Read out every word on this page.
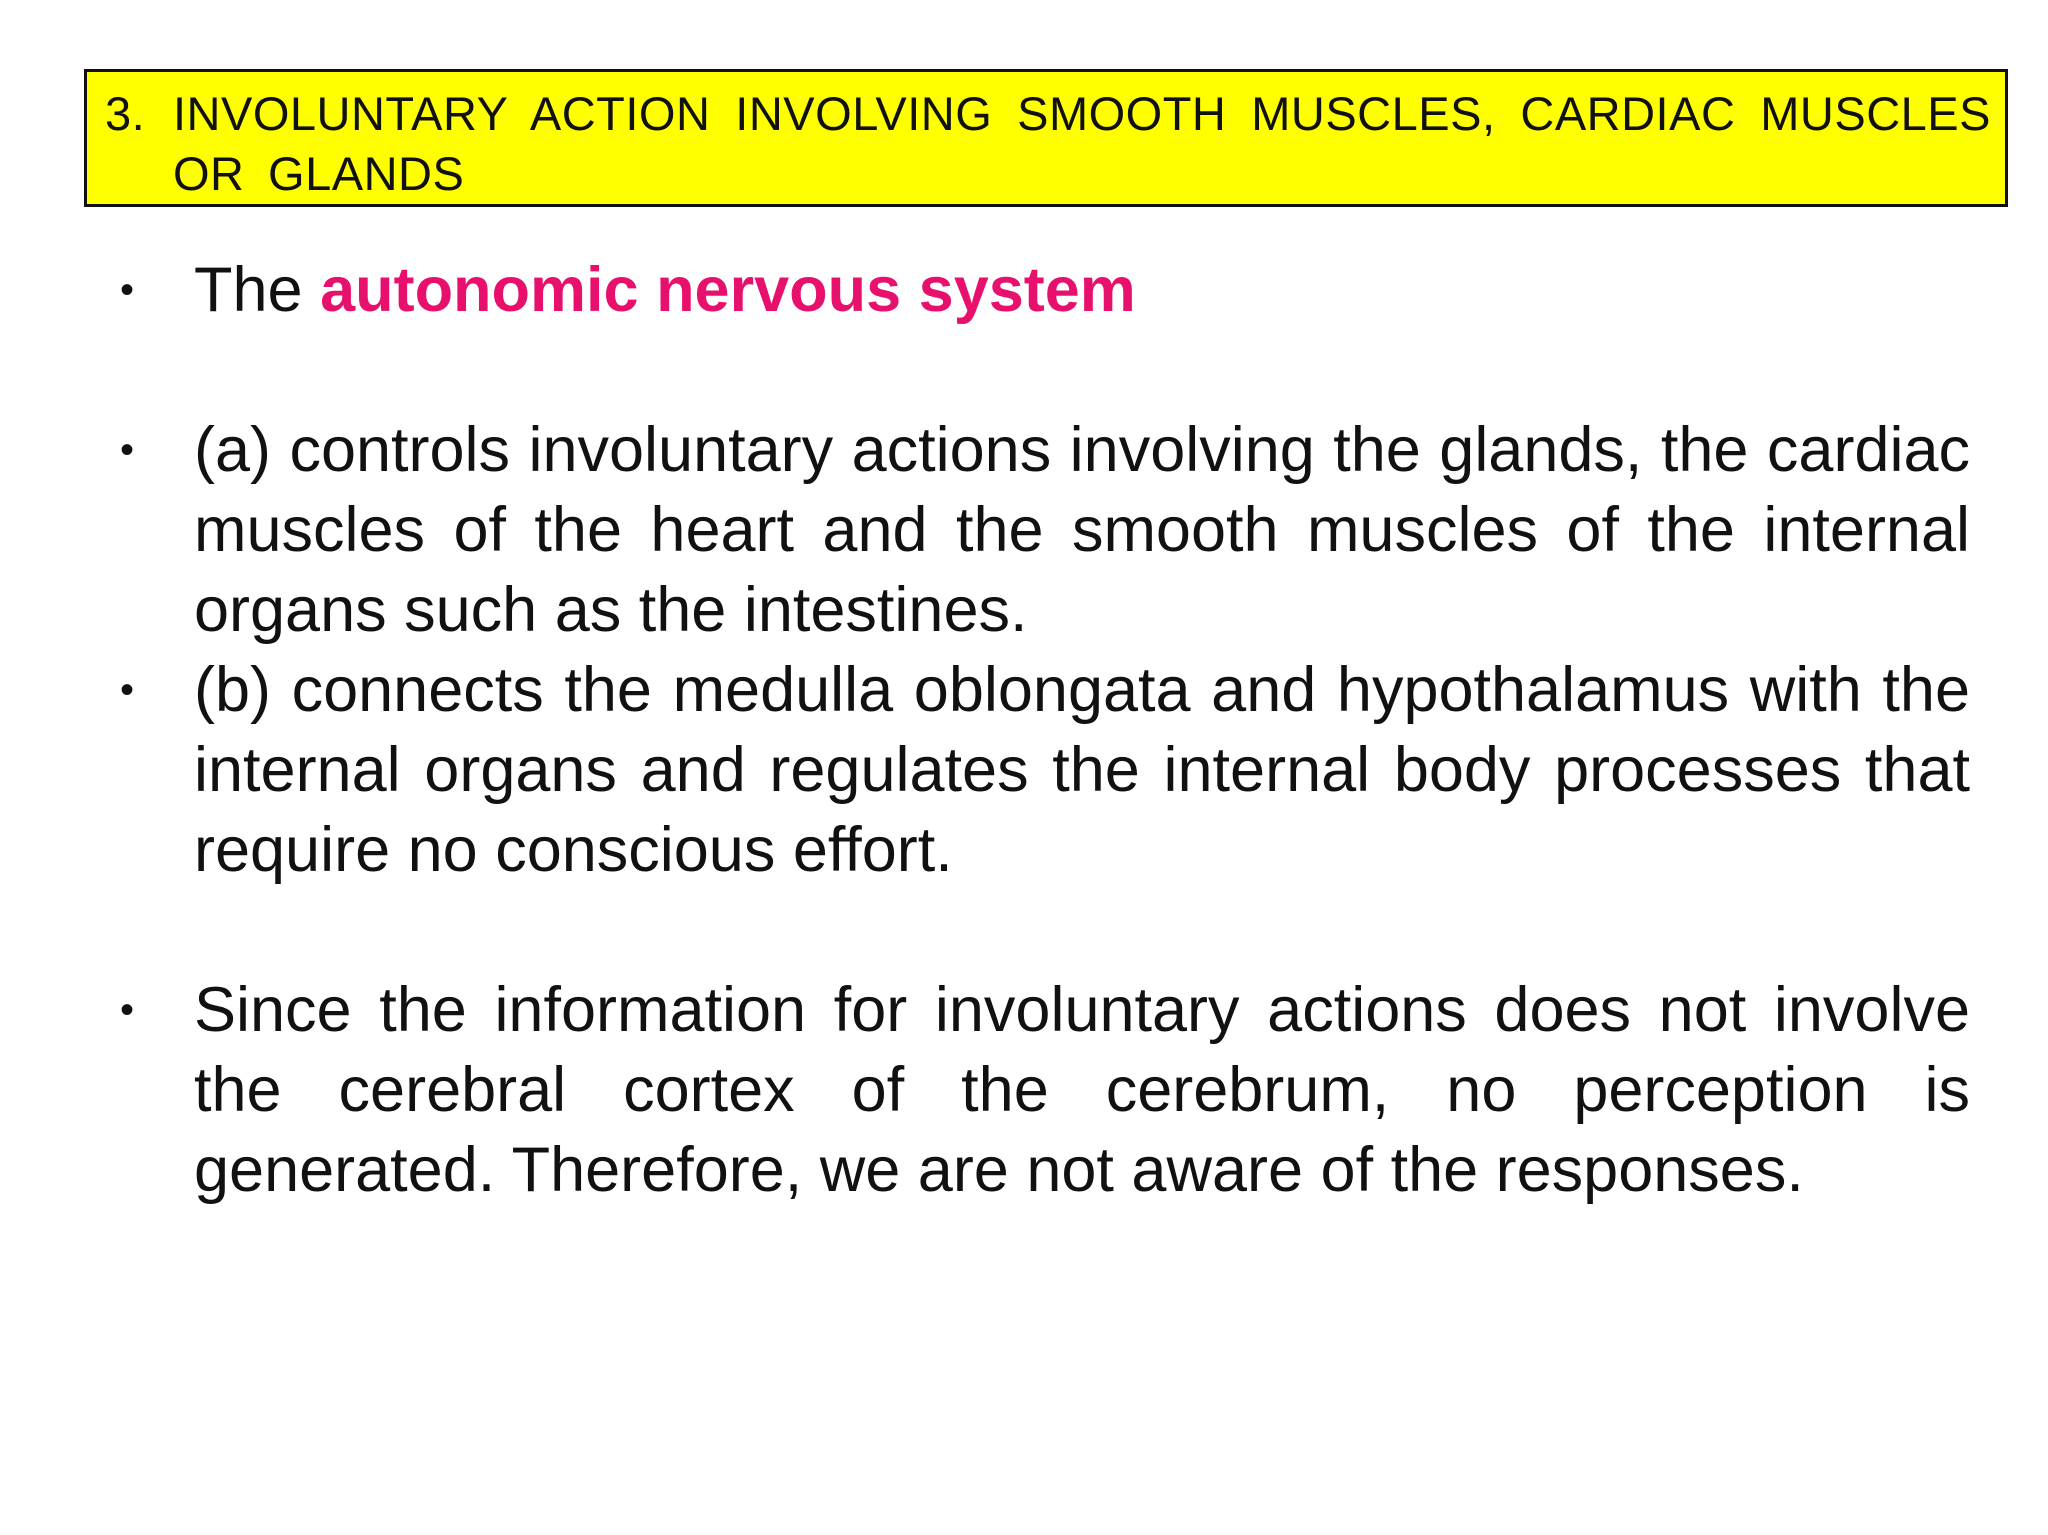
3. INVOLUNTARY ACTION INVOLVING SMOOTH MUSCLES, CARDIAC MUSCLES OR GLANDS
• The autonomic nervous system
• (a) controls involuntary actions involving the glands, the cardiac muscles of the heart and the smooth muscles of the internal organs such as the intestines.
• (b) connects the medulla oblongata and hypothalamus with the internal organs and regulates the internal body processes that require no conscious effort.
• Since the information for involuntary actions does not involve the cerebral cortex of the cerebrum, no perception is generated. Therefore, we are not aware of the responses.
